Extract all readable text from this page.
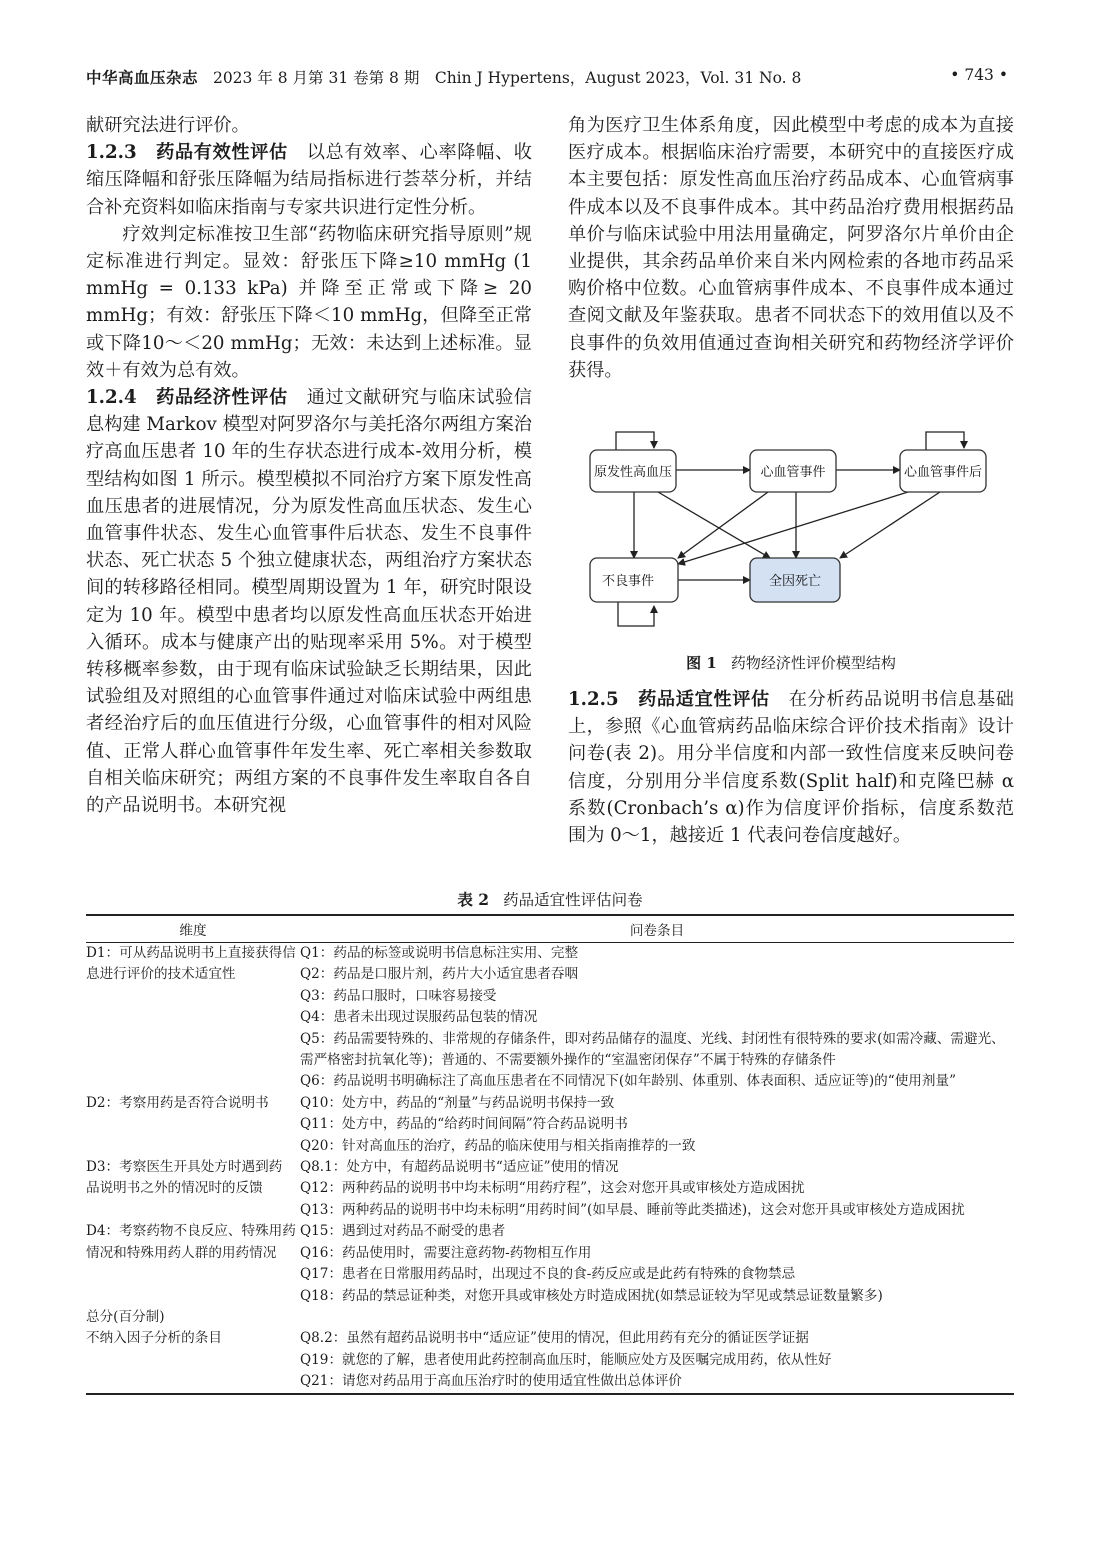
中华高血压杂志 2023 年 8 月第 31 卷第 8 期　Chin J Hypertens，August 2023，Vol. 31 No. 8	• 743 •

献研究法进行评价。

1.2.3　药品有效性评估　以总有效率、心率降幅、收缩压降幅和舒张压降幅为结局指标进行荟萃分析，并结合补充资料如临床指南与专家共识进行定性分析。

疗效判定标准按卫生部“药物临床研究指导原则”规定标准进行判定。显效：舒张压下降≥10 mmHg (1 mmHg = 0.133 kPa) 并降至正常或下降≥ 20 mmHg；有效：舒张压下降＜10 mmHg，但降至正常或下降10～＜20 mmHg；无效：未达到上述标准。显效＋有效为总有效。

1.2.4　药品经济性评估　通过文献研究与临床试验信息构建 Markov 模型对阿罗洛尔与美托洛尔两组方案治疗高血压患者 10 年的生存状态进行成本-效用分析，模型结构如图 1 所示。模型模拟不同治疗方案下原发性高血压患者的进展情况，分为原发性高血压状态、发生心血管事件状态、发生心血管事件后状态、发生不良事件状态、死亡状态 5 个独立健康状态，两组治疗方案状态间的转移路径相同。模型周期设置为 1 年，研究时限设定为 10 年。模型中患者均以原发性高血压状态开始进入循环。成本与健康产出的贴现率采用 5%。对于模型转移概率参数，由于现有临床试验缺乏长期结果，因此试验组及对照组的心血管事件通过对临床试验中两组患者经治疗后的血压值进行分级，心血管事件的相对风险值、正常人群心血管事件年发生率、死亡率相关参数取自相关临床研究；两组方案的不良事件发生率取自各自的产品说明书。本研究视

角为医疗卫生体系角度，因此模型中考虑的成本为直接医疗成本。根据临床治疗需要，本研究中的直接医疗成本主要包括：原发性高血压治疗药品成本、心血管病事件成本以及不良事件成本。其中药品治疗费用根据药品单价与临床试验中用法用量确定，阿罗洛尔片单价由企业提供，其余药品单价来自米内网检索的各地市药品采购价格中位数。心血管病事件成本、不良事件成本通过查阅文献及年鉴获取。患者不同状态下的效用值以及不良事件的负效用值通过查询相关研究和药物经济学评价获得。

原发性高血压	心血管事件	心血管事件后
不良事件	全因死亡
图 1 药物经济性评价模型结构

1.2.5　药品适宜性评估　在分析药品说明书信息基础上，参照《心血管病药品临床综合评价技术指南》设计问卷(表 2)。用分半信度和内部一致性信度来反映问卷信度，分别用分半信度系数(Split half)和克隆巴赫 α 系数(Cronbach’s α)作为信度评价指标，信度系数范围为 0～1，越接近 1 代表问卷信度越好。

表 2 药品适宜性评估问卷
维度	问卷条目
D1：可从药品说明书上直接获得信	Q1：药品的标签或说明书信息标注实用、完整
息进行评价的技术适宜性	Q2：药品是口服片剂，药片大小适宜患者吞咽
	Q3：药品口服时，口味容易接受
	Q4：患者未出现过误服药品包装的情况
	Q5：药品需要特殊的、非常规的存储条件，即对药品储存的温度、光线、封闭性有很特殊的要求(如需冷藏、需避光、
	需严格密封抗氧化等)；普通的、不需要额外操作的“室温密闭保存”不属于特殊的存储条件
	Q6：药品说明书明确标注了高血压患者在不同情况下(如年龄别、体重别、体表面积、适应证等)的“使用剂量”
D2：考察用药是否符合说明书	Q10：处方中，药品的“剂量”与药品说明书保持一致
	Q11：处方中，药品的“给药时间间隔”符合药品说明书
	Q20：针对高血压的治疗，药品的临床使用与相关指南推荐的一致
D3：考察医生开具处方时遇到药	Q8.1：处方中，有超药品说明书“适应证”使用的情况
品说明书之外的情况时的反馈	Q12：两种药品的说明书中均未标明“用药疗程”，这会对您开具或审核处方造成困扰
	Q13：两种药品的说明书中均未标明“用药时间”(如早晨、睡前等此类描述)，这会对您开具或审核处方造成困扰
D4：考察药物不良反应、特殊用药	Q15：遇到过对药品不耐受的患者
情况和特殊用药人群的用药情况	Q16：药品使用时，需要注意药物-药物相互作用
	Q17：患者在日常服用药品时，出现过不良的食-药反应或是此药有特殊的食物禁忌
	Q18：药品的禁忌证种类，对您开具或审核处方时造成困扰(如禁忌证较为罕见或禁忌证数量繁多)
总分(百分制)	
不纳入因子分析的条目	Q8.2：虽然有超药品说明书中“适应证”使用的情况，但此用药有充分的循证医学证据
	Q19：就您的了解，患者使用此药控制高血压时，能顺应处方及医嘱完成用药，依从性好
	Q21：请您对药品用于高血压治疗时的使用适宜性做出总体评价
